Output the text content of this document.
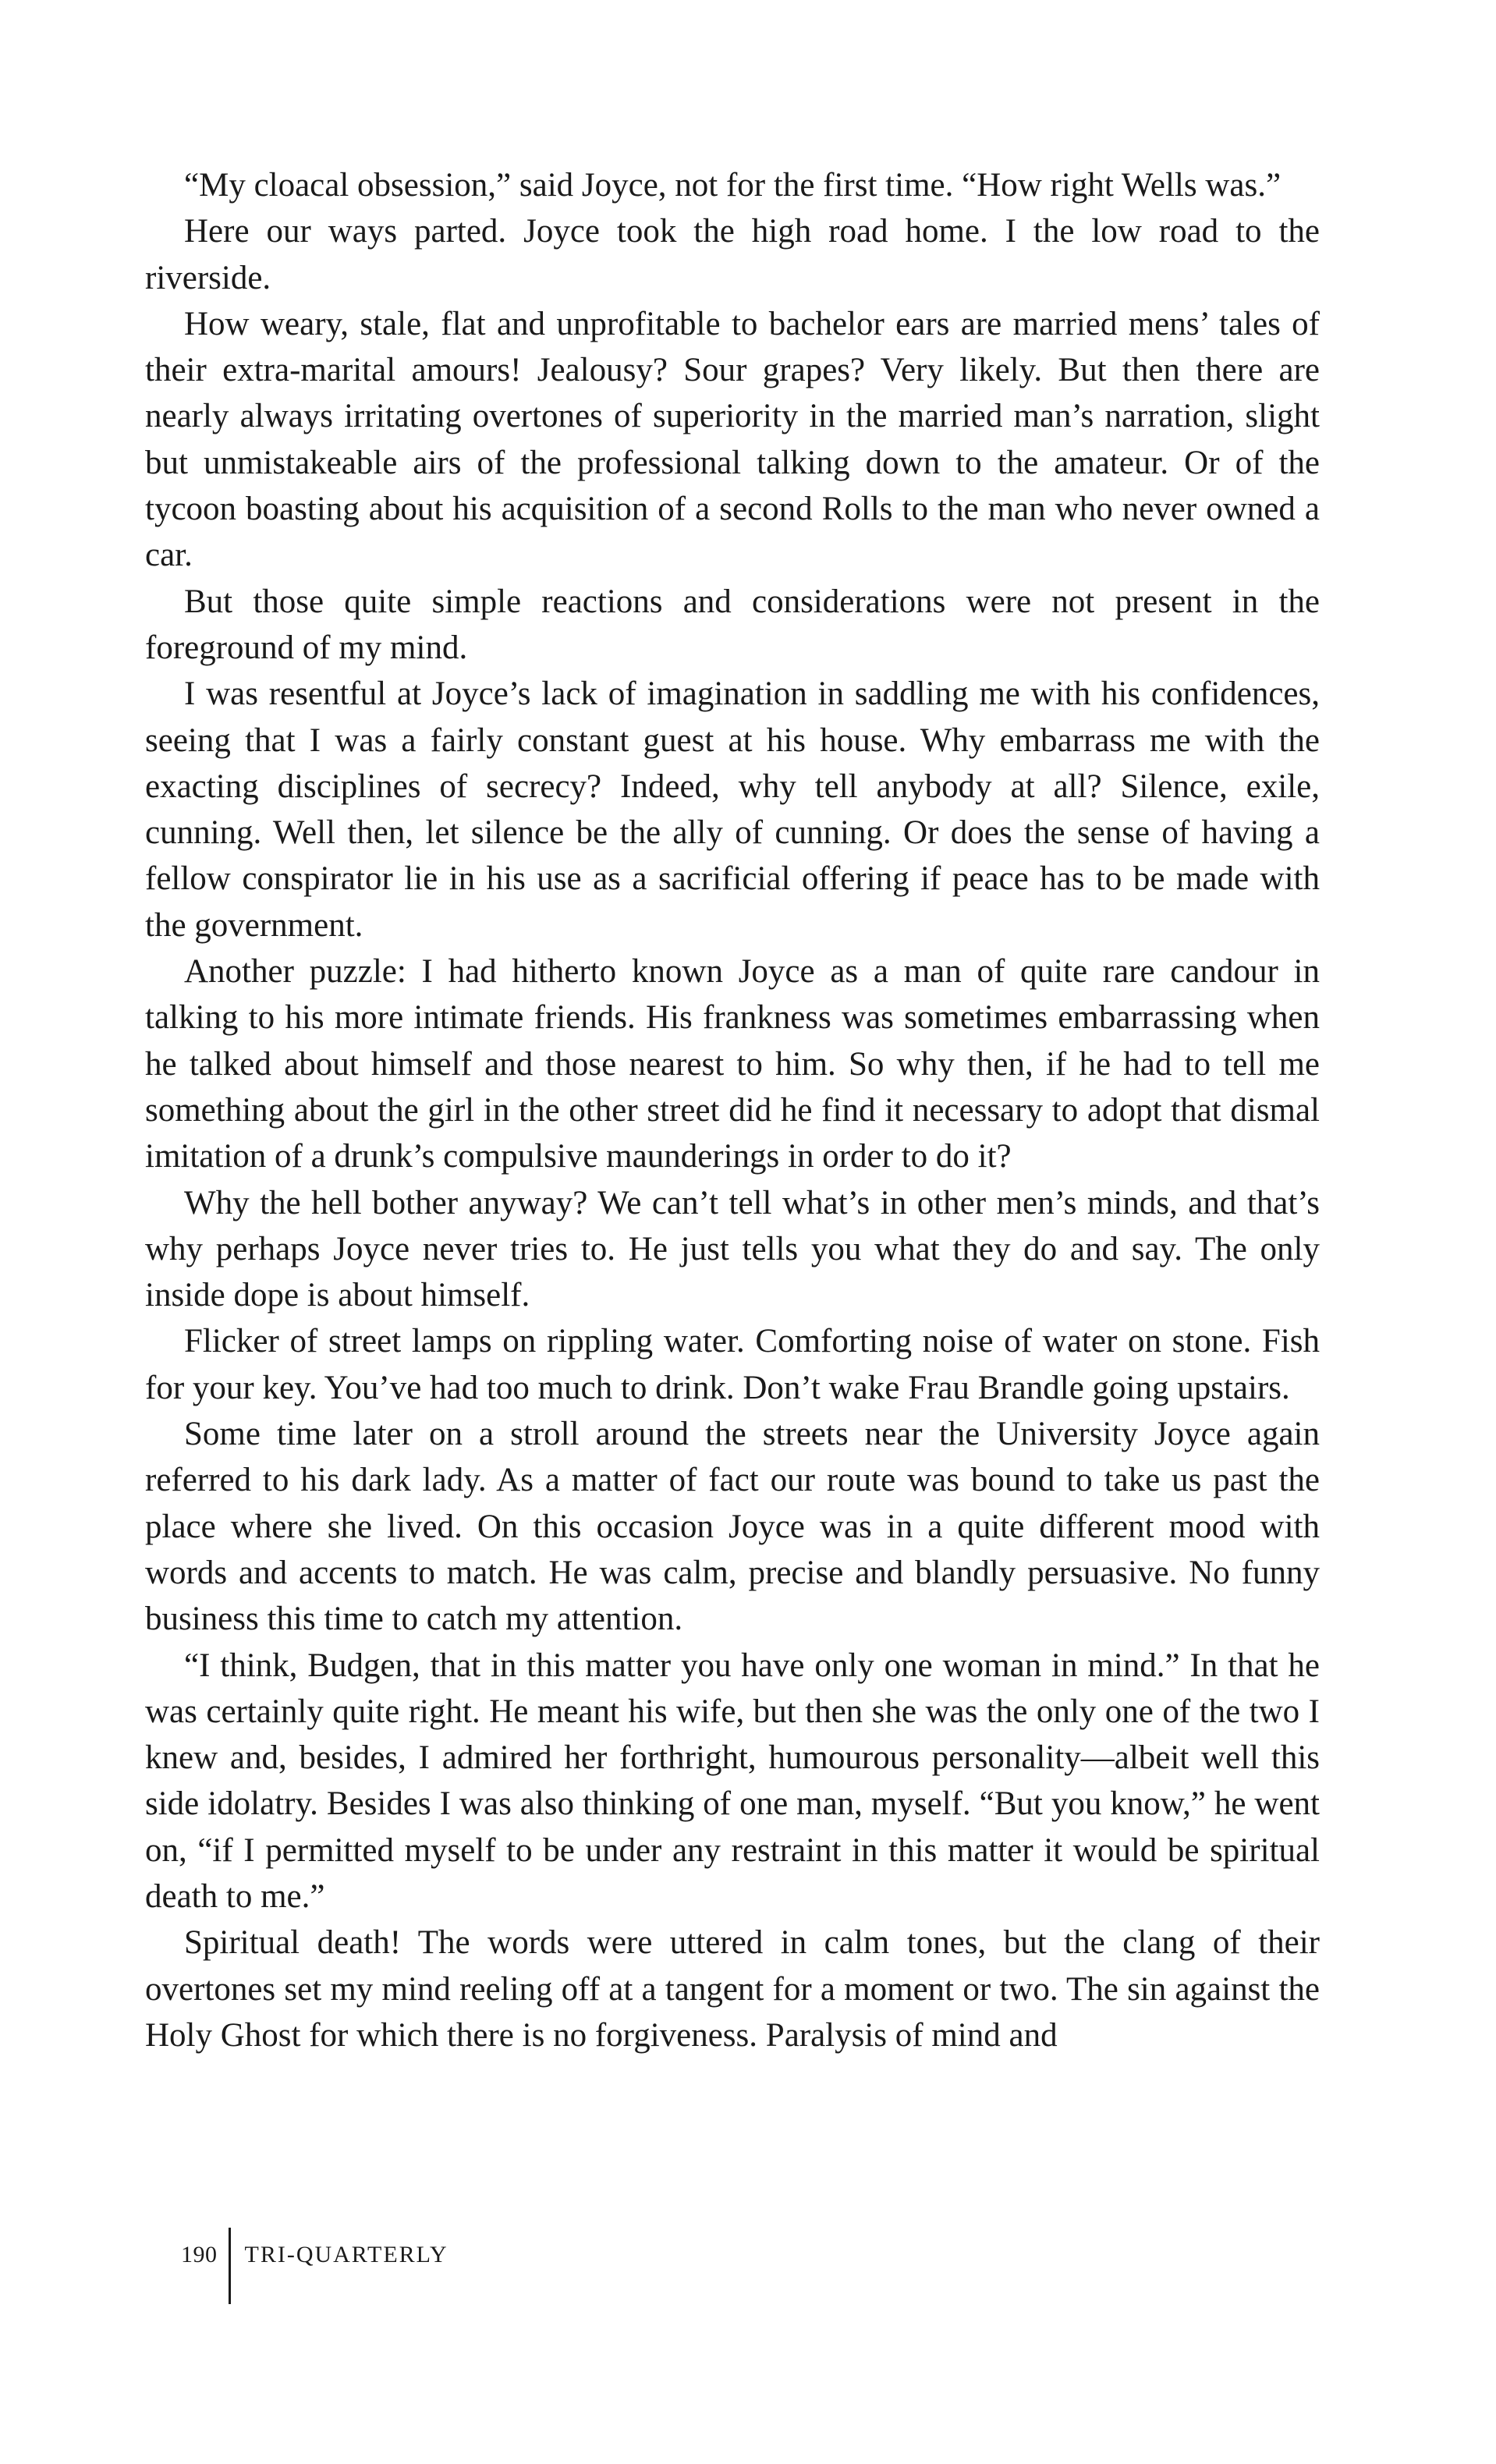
“My cloacal obsession,” said Joyce, not for the first time. “How right Wells was.”

Here our ways parted. Joyce took the high road home. I the low road to the riverside.

How weary, stale, flat and unprofitable to bachelor ears are married mens’ tales of their extra-marital amours! Jealousy? Sour grapes? Very likely. But then there are nearly always irritating overtones of superiority in the married man’s narration, slight but unmistakeable airs of the professional talking down to the amateur. Or of the tycoon boasting about his acquisition of a second Rolls to the man who never owned a car.

But those quite simple reactions and considerations were not present in the foreground of my mind.

I was resentful at Joyce’s lack of imagination in saddling me with his confidences, seeing that I was a fairly constant guest at his house. Why embarrass me with the exacting disciplines of secrecy? Indeed, why tell anybody at all? Silence, exile, cunning. Well then, let silence be the ally of cunning. Or does the sense of having a fellow conspirator lie in his use as a sacrificial offering if peace has to be made with the government.

Another puzzle: I had hitherto known Joyce as a man of quite rare candour in talking to his more intimate friends. His frankness was sometimes embarrassing when he talked about himself and those nearest to him. So why then, if he had to tell me something about the girl in the other street did he find it necessary to adopt that dismal imitation of a drunk’s compulsive maunderings in order to do it?

Why the hell bother anyway? We can’t tell what’s in other men’s minds, and that’s why perhaps Joyce never tries to. He just tells you what they do and say. The only inside dope is about himself.

Flicker of street lamps on rippling water. Comforting noise of water on stone. Fish for your key. You’ve had too much to drink. Don’t wake Frau Brandle going upstairs.

Some time later on a stroll around the streets near the University Joyce again referred to his dark lady. As a matter of fact our route was bound to take us past the place where she lived. On this occasion Joyce was in a quite different mood with words and accents to match. He was calm, precise and blandly persuasive. No funny business this time to catch my attention.

“I think, Budgen, that in this matter you have only one woman in mind.” In that he was certainly quite right. He meant his wife, but then she was the only one of the two I knew and, besides, I admired her forthright, humourous personality—albeit well this side idolatry. Besides I was also thinking of one man, myself. “But you know,” he went on, “if I permitted myself to be under any restraint in this matter it would be spiritual death to me.”

Spiritual death! The words were uttered in calm tones, but the clang of their overtones set my mind reeling off at a tangent for a moment or two. The sin against the Holy Ghost for which there is no forgiveness. Paralysis of mind and

190 TRI-QUARTERLY
